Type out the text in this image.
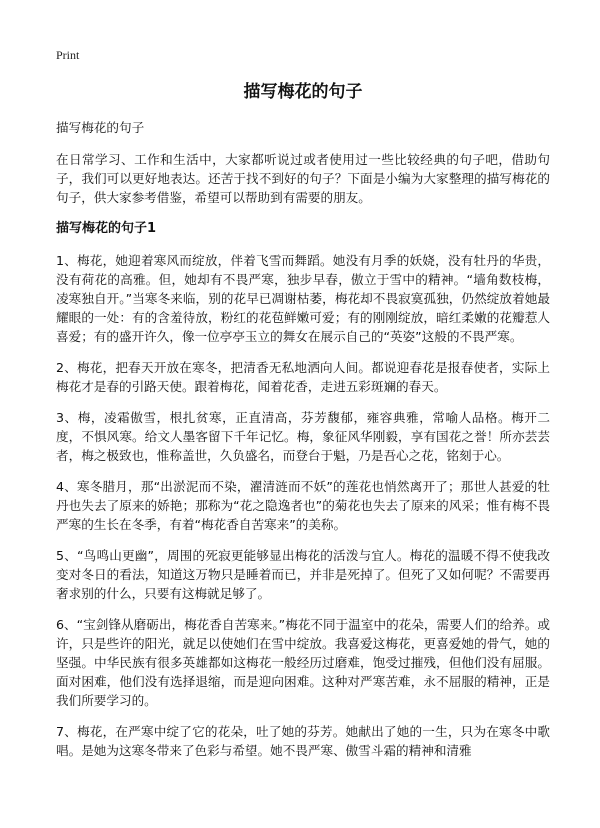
Print
描写梅花的句子

描写梅花的句子

在日常学习、工作和生活中，大家都听说过或者使用过一些比较经典的句子吧，借助句子，我们可以更好地表达。还苦于找不到好的句子？下面是小编为大家整理的描写梅花的句子，供大家参考借鉴，希望可以帮助到有需要的朋友。

描写梅花的句子1

1、梅花，她迎着寒风而绽放，伴着飞雪而舞蹈。她没有月季的妖娆，没有牡丹的华贵，没有荷花的高雅。但，她却有不畏严寒，独步早春，傲立于雪中的精神。“墙角数枝梅，凌寒独自开。”当寒冬来临，别的花早已凋谢枯萎，梅花却不畏寂寞孤独，仍然绽放着她最耀眼的一处：有的含羞待放，粉红的花苞鲜嫩可爱；有的刚刚绽放，暗红柔嫩的花瓣惹人喜爱；有的盛开许久，像一位亭亭玉立的舞女在展示自己的“英姿”这般的不畏严寒。

2、梅花，把春天开放在寒冬，把清香无私地洒向人间。都说迎春花是报春使者，实际上梅花才是春的引路天使。跟着梅花，闻着花香，走进五彩斑斓的春天。

3、梅，凌霜傲雪，根扎贫寒，正直清高，芬芳馥郁，雍容典雅，常喻人品格。梅开二度，不惧风寒。给文人墨客留下千年记忆。梅，象征风华刚毅，享有国花之誉！所亦芸芸者，梅之极致也，惟称盖世，久负盛名，而登台于魁，乃是吾心之花，铭刻于心。

4、寒冬腊月，那“出淤泥而不染，濯清涟而不妖”的莲花也悄然离开了；那世人甚爱的牡丹也失去了原来的娇艳；那称为“花之隐逸者也”的菊花也失去了原来的风采；惟有梅不畏严寒的生长在冬季，有着“梅花香自苦寒来”的美称。

5、“鸟鸣山更幽”，周围的死寂更能够显出梅花的活泼与宜人。梅花的温暖不得不使我改变对冬日的看法，知道这万物只是睡着而已，并非是死掉了。但死了又如何呢？不需要再奢求别的什么，只要有这梅就足够了。

6、“宝剑锋从磨砺出，梅花香自苦寒来。”梅花不同于温室中的花朵，需要人们的给养。或许，只是些许的阳光，就足以使她们在雪中绽放。我喜爱这梅花，更喜爱她的骨气，她的坚强。中华民族有很多英雄都如这梅花一般经历过磨难，饱受过摧残，但他们没有屈服。面对困难，他们没有选择退缩，而是迎向困难。这种对严寒苦难，永不屈服的精神，正是我们所要学习的。

7、梅花，在严寒中绽了它的花朵，吐了她的芬芳。她献出了她的一生，只为在寒冬中歌唱。是她为这寒冬带来了色彩与希望。她不畏严寒、傲雪斗霜的精神和清雅
